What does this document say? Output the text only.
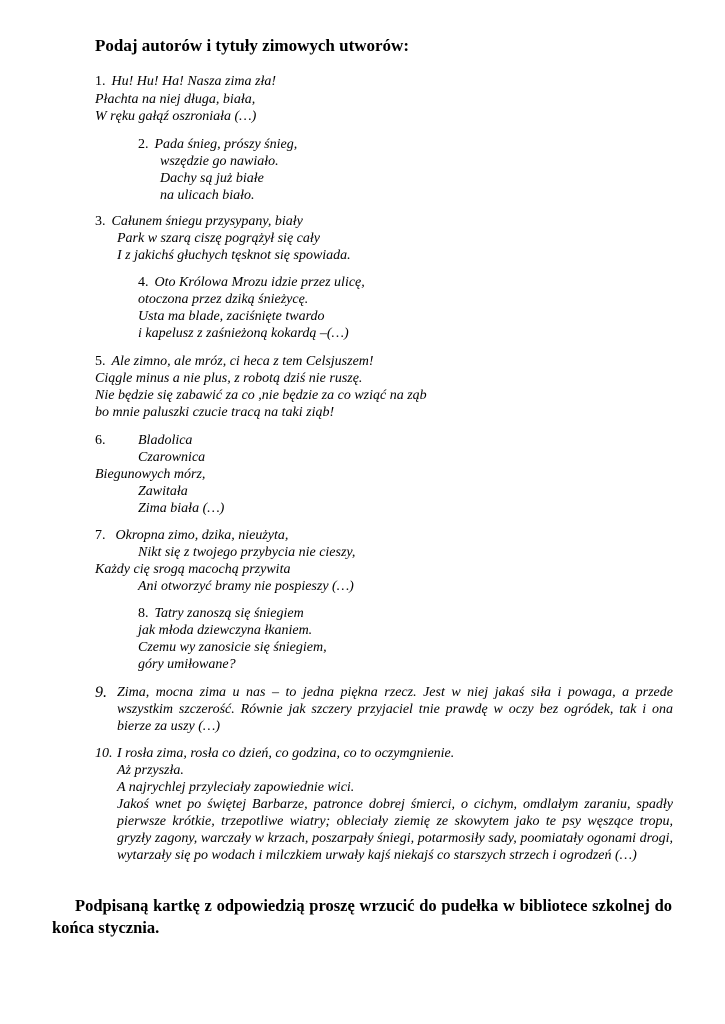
Podaj autorów i tytuły zimowych utworów:
1. Hu! Hu! Ha! Nasza zima zła!
Płachta na niej długa, biała,
W ręku gałąź oszroniała (…)
2. Pada śnieg, prószy śnieg,
wszędzie go nawiało.
Dachy są już białe
na ulicach biało.
3. Całunem śniegu przysypany, biały
Park w szarą ciszę pogrążył się cały
I z jakichś głuchych tęsknot się spowiada.
4. Oto Królowa Mrozu idzie przez ulicę,
otoczona przez dziką śnieżycę.
Usta ma blade, zaciśnięte twardo
i kapelusz z zaśnieżoną kokardą –(…)
5. Ale zimno, ale mróz, ci heca z tem Celsjuszem!
Ciągle minus a nie plus, z robotą dziś nie ruszę.
Nie będzie się zabawić za co ,nie będzie za co wziąć na ząb
bo mnie paluszki czucie tracą na taki ziąb!
6.	Bladolica
Czarownica
Biegunowych mórz,
Zawitała
Zima biała (…)
7. Okropna zimo, dzika, nieużyta,
Nikt się z twojego przybycia nie cieszy,
Każdy cię srogą macochą przywita
Ani otworzyć bramy nie pospieszy (…)
8. Tatry zanoszą się śniegiem
jak młoda dziewczyna łkaniem.
Czemu wy zanosicie się śniegiem,
góry umiłowane?
9. Zima, mocna zima u nas – to jedna piękna rzecz. Jest w niej jakaś siła i powaga, a przede wszystkim szczerość. Równie jak szczery przyjaciel tnie prawdę w oczy bez ogródek, tak i ona bierze za uszy (…)
10. I rosła zima, rosła co dzień, co godzina, co to oczymgnienie.
Aż przyszła.
A najrychlej przyleciały zapowiednie wici.
Jakoś wnet po świętej Barbarze, patronce dobrej śmierci, o cichym, omdlałym zaraniu, spadły pierwsze krótkie, trzepotliwe wiatry; obleciały ziemię ze skowytem jako te psy węszące tropu, gryzły zagony, warczały w krzach, poszarpały śniegi, potarmosiły sady, poomiatały ogonami drogi, wytarzały się po wodach i milczkiem urwały kajś niekajś co starszych strzech i ogrodzeń (…)

Podpisaną kartkę z odpowiedzią proszę wrzucić do pudełka w bibliotece szkolnej do końca stycznia.
